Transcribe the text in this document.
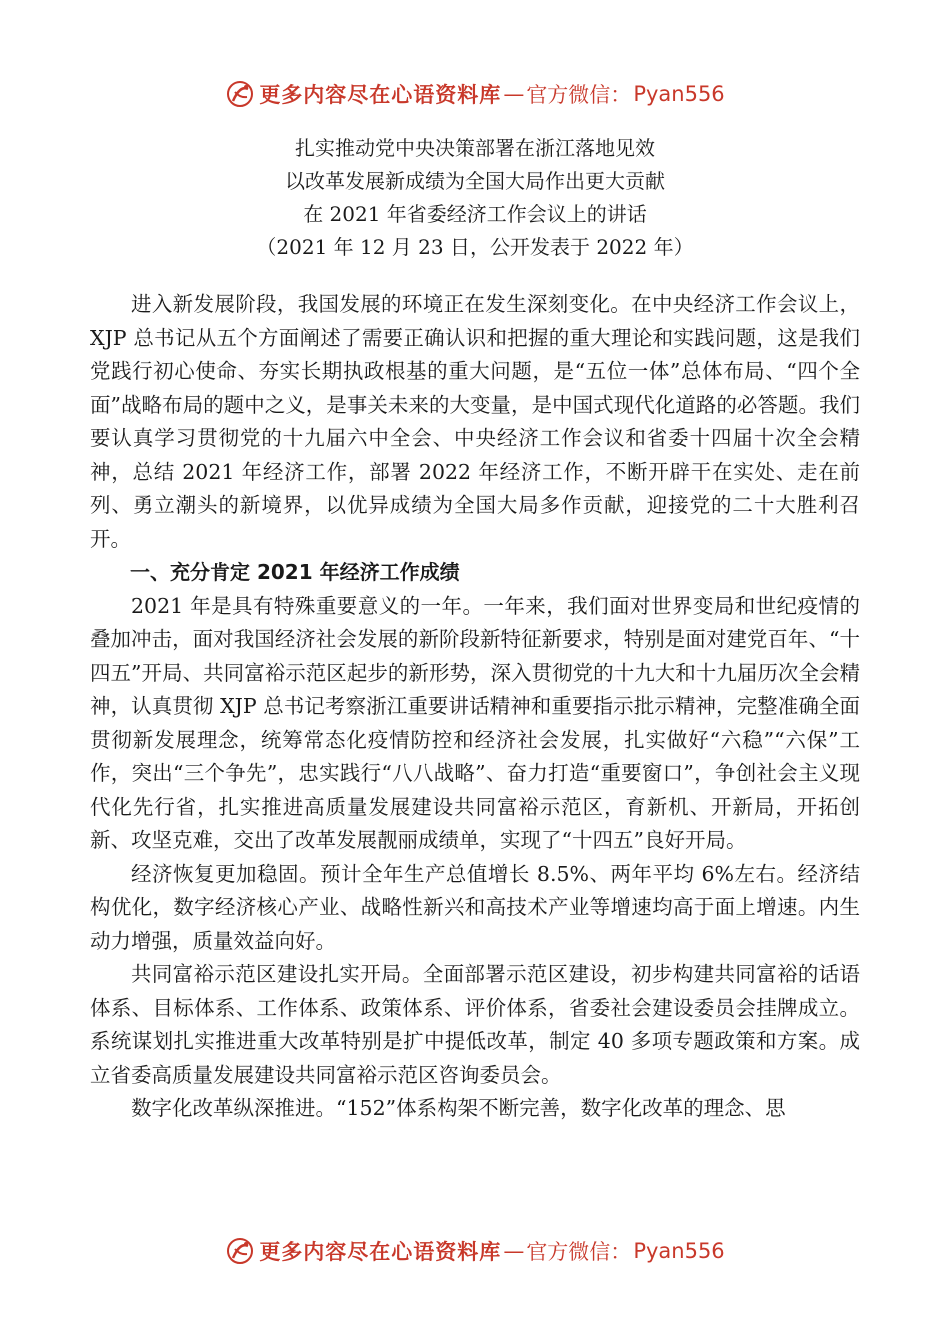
更多内容尽在心语资料库 — 官方微信： Pyan556

扎实推动党中央决策部署在浙江落地见效

以改革发展新成绩为全国大局作出更大贡献

在 2021 年省委经济工作会议上的讲话

（2021 年 12 月 23 日，公开发表于 2022 年）

进入新发展阶段，我国发展的环境正在发生深刻变化。在中央经济工作会议上，XJP 总书记从五个方面阐述了需要正确认识和把握的重大理论和实践问题，这是我们党践行初心使命、夯实长期执政根基的重大问题，是“五位一体”总体布局、“四个全面”战略布局的题中之义，是事关未来的大变量，是中国式现代化道路的必答题。我们要认真学习贯彻党的十九届六中全会、中央经济工作会议和省委十四届十次全会精神，总结 2021 年经济工作，部署 2022 年经济工作，不断开辟干在实处、走在前列、勇立潮头的新境界，以优异成绩为全国大局多作贡献，迎接党的二十大胜利召开。

一、充分肯定 2021 年经济工作成绩

2021 年是具有特殊重要意义的一年。一年来，我们面对世界变局和世纪疫情的叠加冲击，面对我国经济社会发展的新阶段新特征新要求，特别是面对建党百年、“十四五”开局、共同富裕示范区起步的新形势，深入贯彻党的十九大和十九届历次全会精神，认真贯彻 XJP 总书记考察浙江重要讲话精神和重要指示批示精神，完整准确全面贯彻新发展理念，统筹常态化疫情防控和经济社会发展，扎实做好“六稳”“六保”工作，突出“三个争先”，忠实践行“八八战略”、奋力打造“重要窗口”，争创社会主义现代化先行省，扎实推进高质量发展建设共同富裕示范区，育新机、开新局，开拓创新、攻坚克难，交出了改革发展靓丽成绩单，实现了“十四五”良好开局。

经济恢复更加稳固。预计全年生产总值增长 8.5%、两年平均 6%左右。经济结构优化，数字经济核心产业、战略性新兴和高技术产业等增速均高于面上增速。内生动力增强，质量效益向好。

共同富裕示范区建设扎实开局。全面部署示范区建设，初步构建共同富裕的话语体系、目标体系、工作体系、政策体系、评价体系，省委社会建设委员会挂牌成立。系统谋划扎实推进重大改革特别是扩中提低改革，制定 40 多项专题政策和方案。成立省委高质量发展建设共同富裕示范区咨询委员会。

数字化改革纵深推进。“152”体系构架不断完善，数字化改革的理念、思

更多内容尽在心语资料库 — 官方微信： Pyan556
